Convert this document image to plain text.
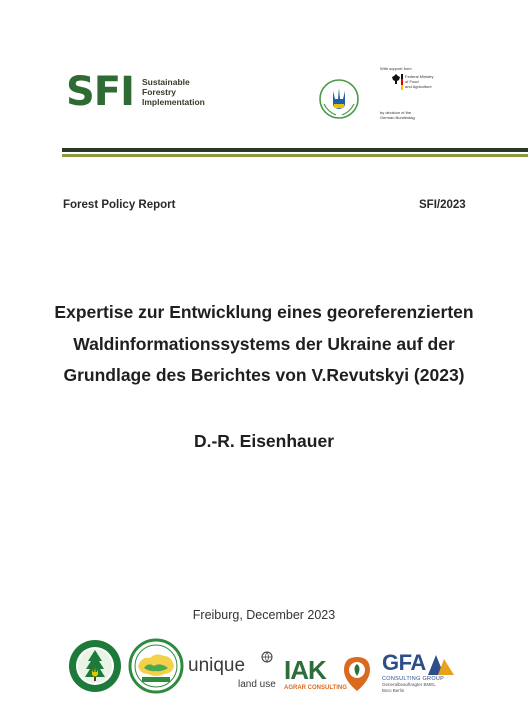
SFI Sustainable
Forestry
Implementation
With support from
Federal Ministry
of Food
and Agriculture
by decision of the
German Bundestag
Forest Policy Report	SFI/2023
Expertise zur Entwicklung eines georeferenzierten
Waldinformationssystems der Ukraine auf der
Grundlage des Berichtes von V.Revutskyi (2023)
D.-R. Eisenhauer
Freiburg, December 2023
unique
land use IAK
AGRAR CONSULTING
GFA
CONSULTING GROUP
Generalbeauftragter BMEL
Büro Berlin
